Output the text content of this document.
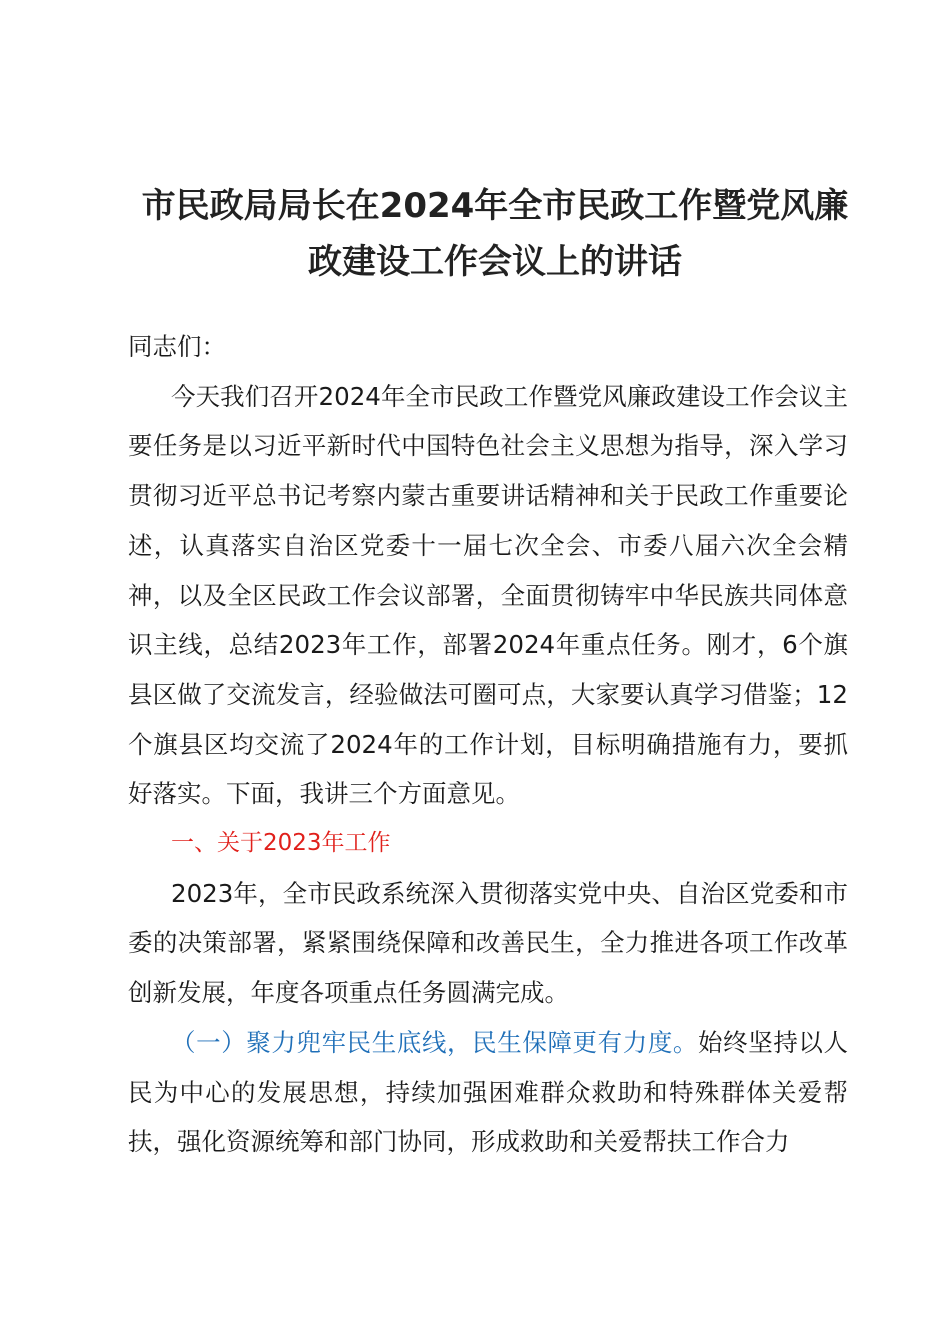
市民政局局长在2024年全市民政工作暨党风廉
政建设工作会议上的讲话

同志们：

今天我们召开2024年全市民政工作暨党风廉政建设工作会议主要任务是以习近平新时代中国特色社会主义思想为指导，深入学习贯彻习近平总书记考察内蒙古重要讲话精神和关于民政工作重要论述，认真落实自治区党委十一届七次全会、市委八届六次全会精神，以及全区民政工作会议部署，全面贯彻铸牢中华民族共同体意识主线，总结2023年工作，部署2024年重点任务。刚才，6个旗县区做了交流发言，经验做法可圈可点，大家要认真学习借鉴；12个旗县区均交流了2024年的工作计划，目标明确措施有力，要抓好落实。下面，我讲三个方面意见。

一、关于2023年工作

2023年，全市民政系统深入贯彻落实党中央、自治区党委和市委的决策部署，紧紧围绕保障和改善民生，全力推进各项工作改革创新发展，年度各项重点任务圆满完成。

（一）聚力兜牢民生底线，民生保障更有力度。始终坚持以人民为中心的发展思想，持续加强困难群众救助和特殊群体关爱帮扶，强化资源统筹和部门协同，形成救助和关爱帮扶工作合力
